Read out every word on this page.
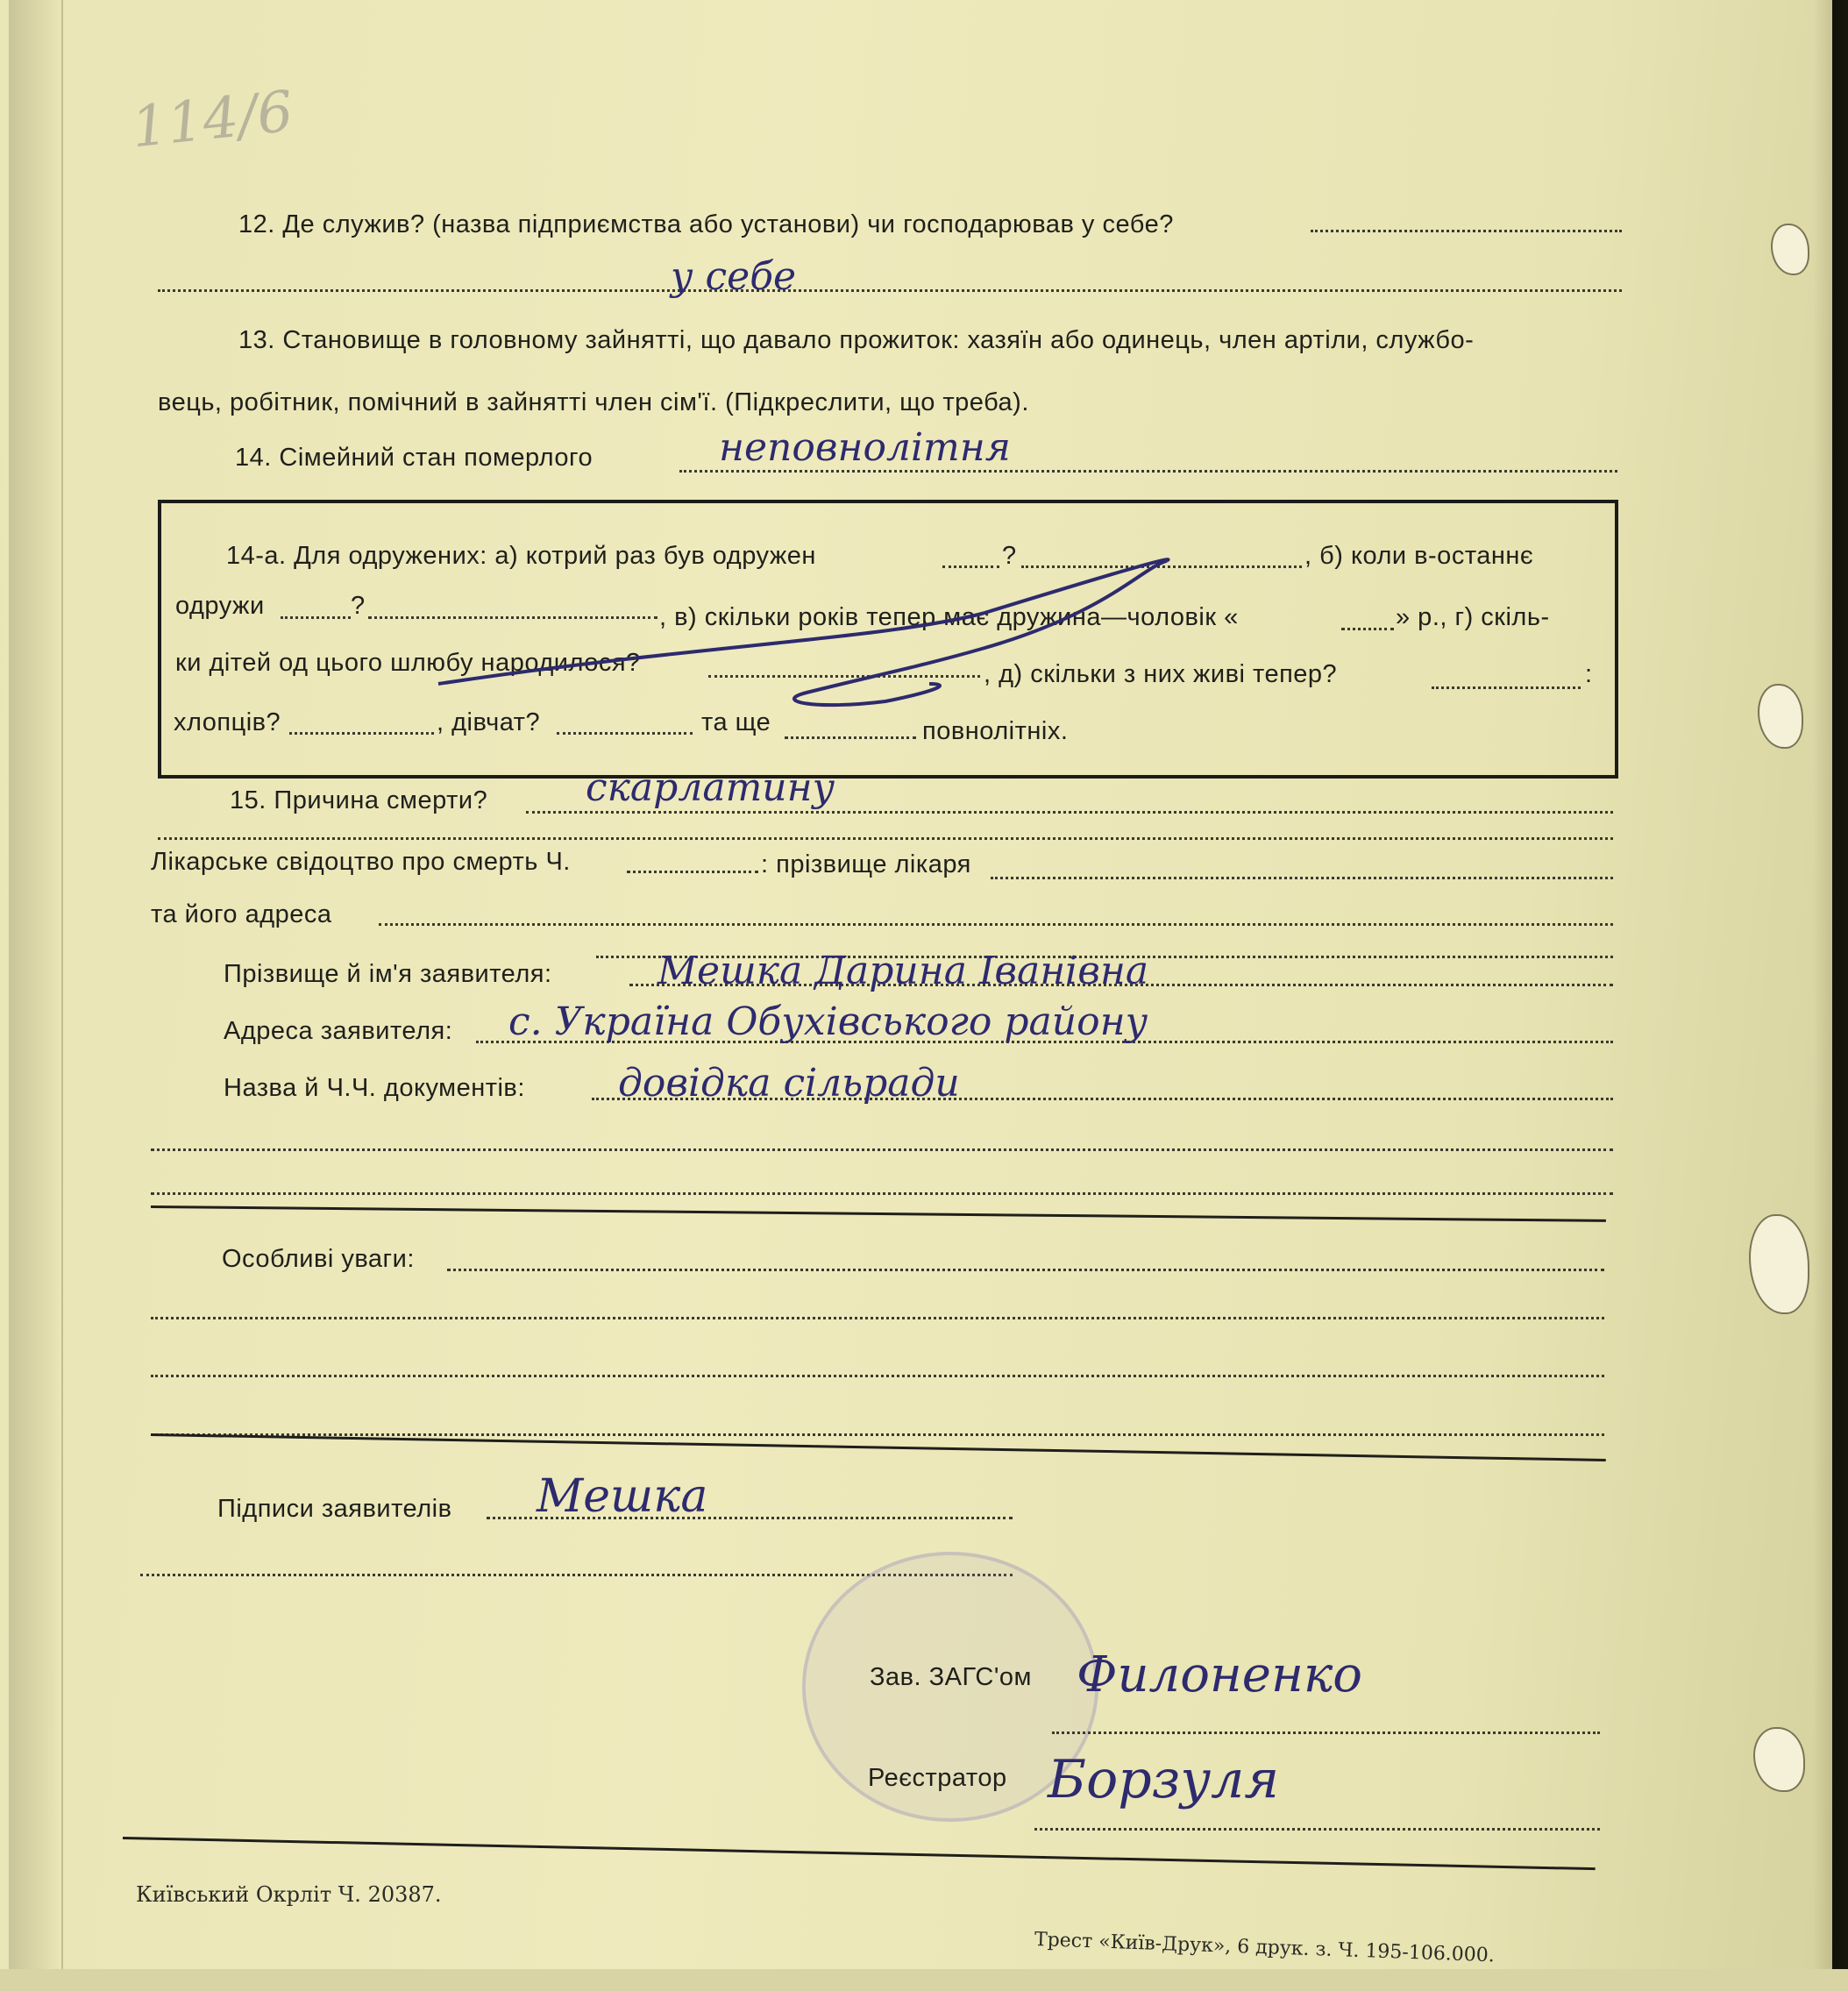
114/6
12. Де служив? (назва підприємства або установи) чи господарював у себе?
у себе
13. Становище в головному зайнятті, що давало прожиток: хазяїн або одинець, член артіли, службо-
вець, робітник, помічний в зайнятті член сім'ї. (Підкреслити, що треба).
14. Сімейний стан померлого	неповнолітня
14-а. Для одружених: а) котрий раз був одружен	?	, б) коли в-останнє
одружи	?	, в) скільки років тепер має дружина—чоловік «	» р., г) скіль-
ки дітей од цього шлюбу народилося?	, д) скільки з них живі тепер?	:
хлопців?	, дівчат?	та ще	повнолітніх.
15. Причина смерти?	скарлатину
Лікарське свідоцтво про смерть Ч.	: прізвище лікаря
та його адреса
Прізвище й ім'я заявителя:	Мешка Дарина Іванівна
Адреса заявителя: с. Україна Обухівського району
Назва й Ч.Ч. документів: довідка сільради
Особливі уваги:
Підписи заявителів Мешка
Зав. ЗАГС'ом Филоненко
Реєстратор Борзуля
Київський Окрліт Ч. 20387.
Трест «Київ-Друк», 6 друк. з. Ч. 195-106.000.
